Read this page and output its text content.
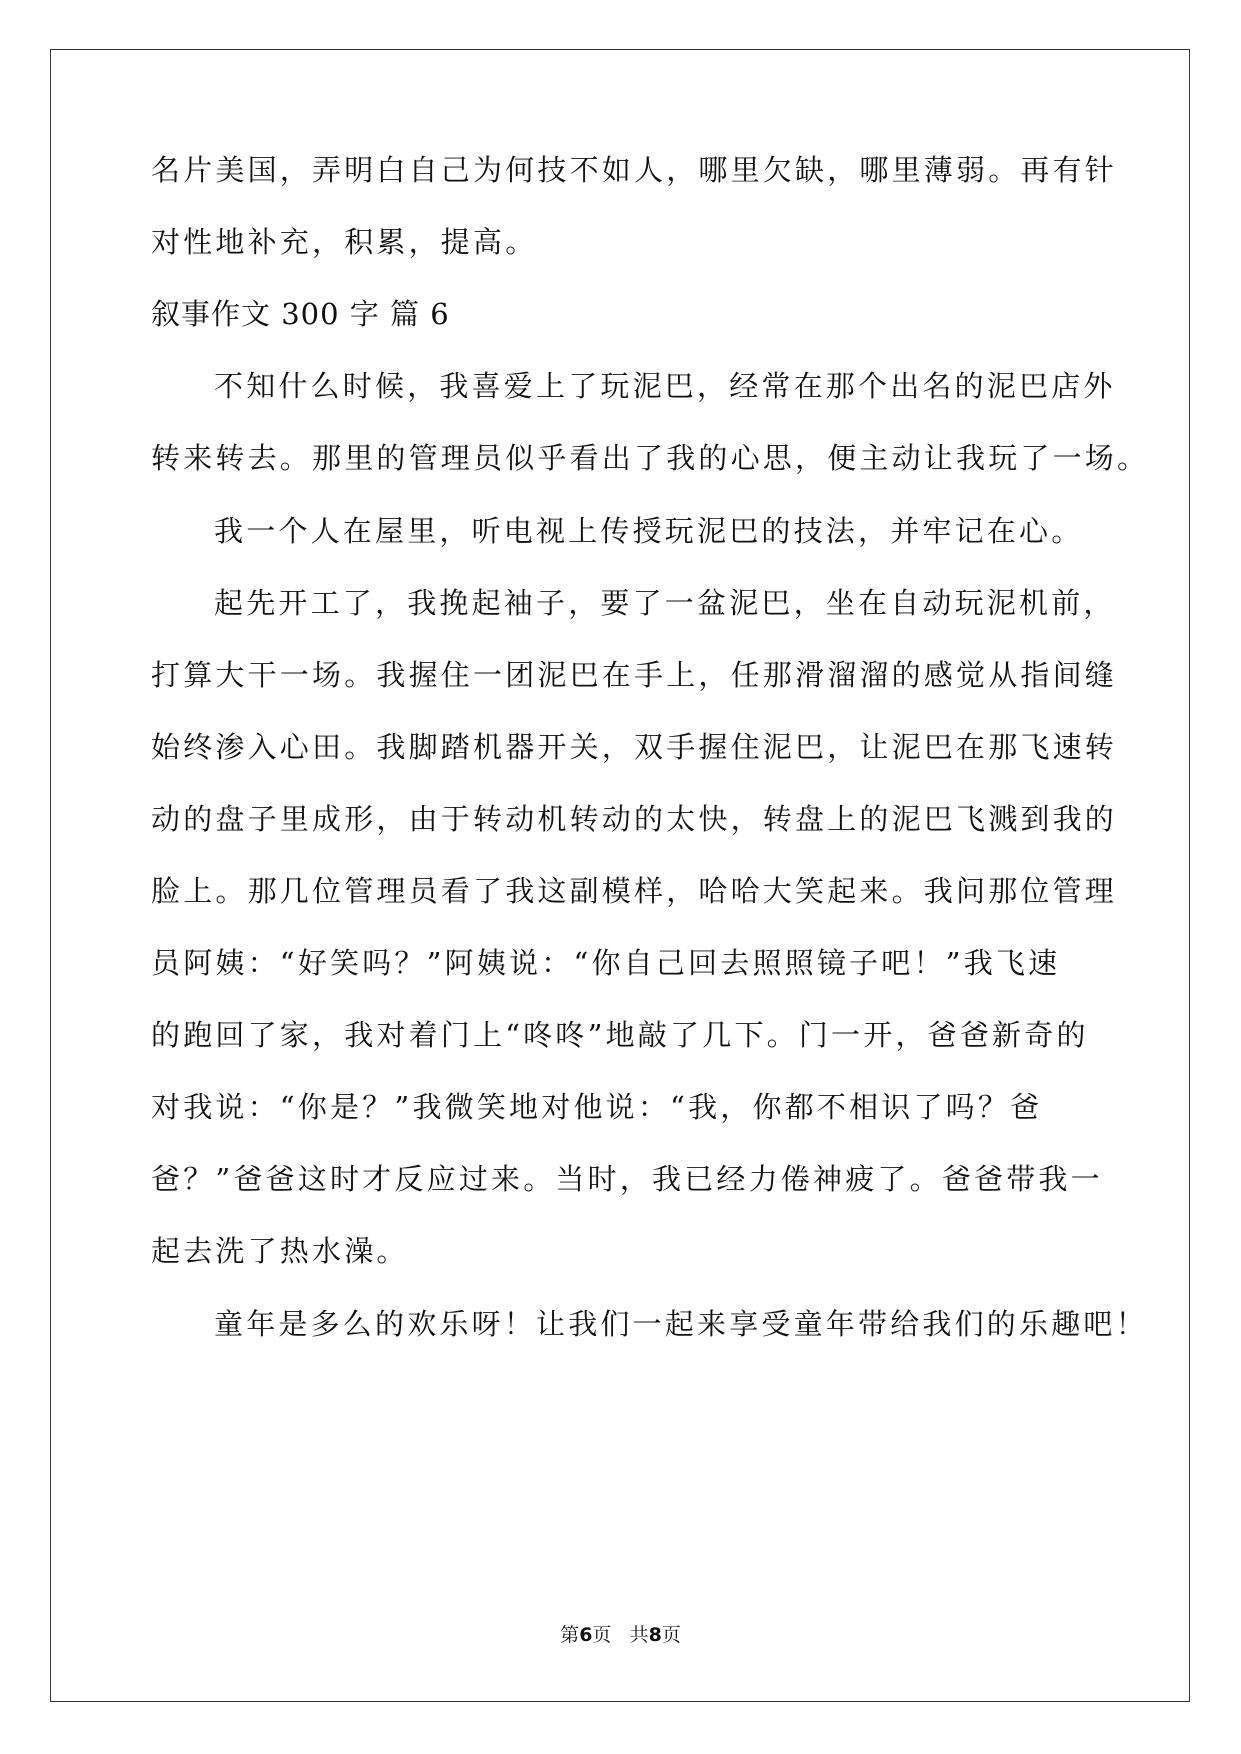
名片美国，弄明白自己为何技不如人，哪里欠缺，哪里薄弱。再有针
对性地补充，积累，提高。
叙事作文 300 字 篇 6
不知什么时候，我喜爱上了玩泥巴，经常在那个出名的泥巴店外
转来转去。那里的管理员似乎看出了我的心思，便主动让我玩了一场。
我一个人在屋里，听电视上传授玩泥巴的技法，并牢记在心。
起先开工了，我挽起袖子，要了一盆泥巴，坐在自动玩泥机前，
打算大干一场。我握住一团泥巴在手上，任那滑溜溜的感觉从指间缝
始终渗入心田。我脚踏机器开关，双手握住泥巴，让泥巴在那飞速转
动的盘子里成形，由于转动机转动的太快，转盘上的泥巴飞溅到我的
脸上。那几位管理员看了我这副模样，哈哈大笑起来。我问那位管理
员阿姨：“好笑吗？”阿姨说：“你自己回去照照镜子吧！”我飞速
的跑回了家，我对着门上“咚咚”地敲了几下。门一开，爸爸新奇的
对我说：“你是？”我微笑地对他说：“我，你都不相识了吗？爸
爸？”爸爸这时才反应过来。当时，我已经力倦神疲了。爸爸带我一
起去洗了热水澡。
童年是多么的欢乐呀！让我们一起来享受童年带给我们的乐趣吧！
第6页 共8页
